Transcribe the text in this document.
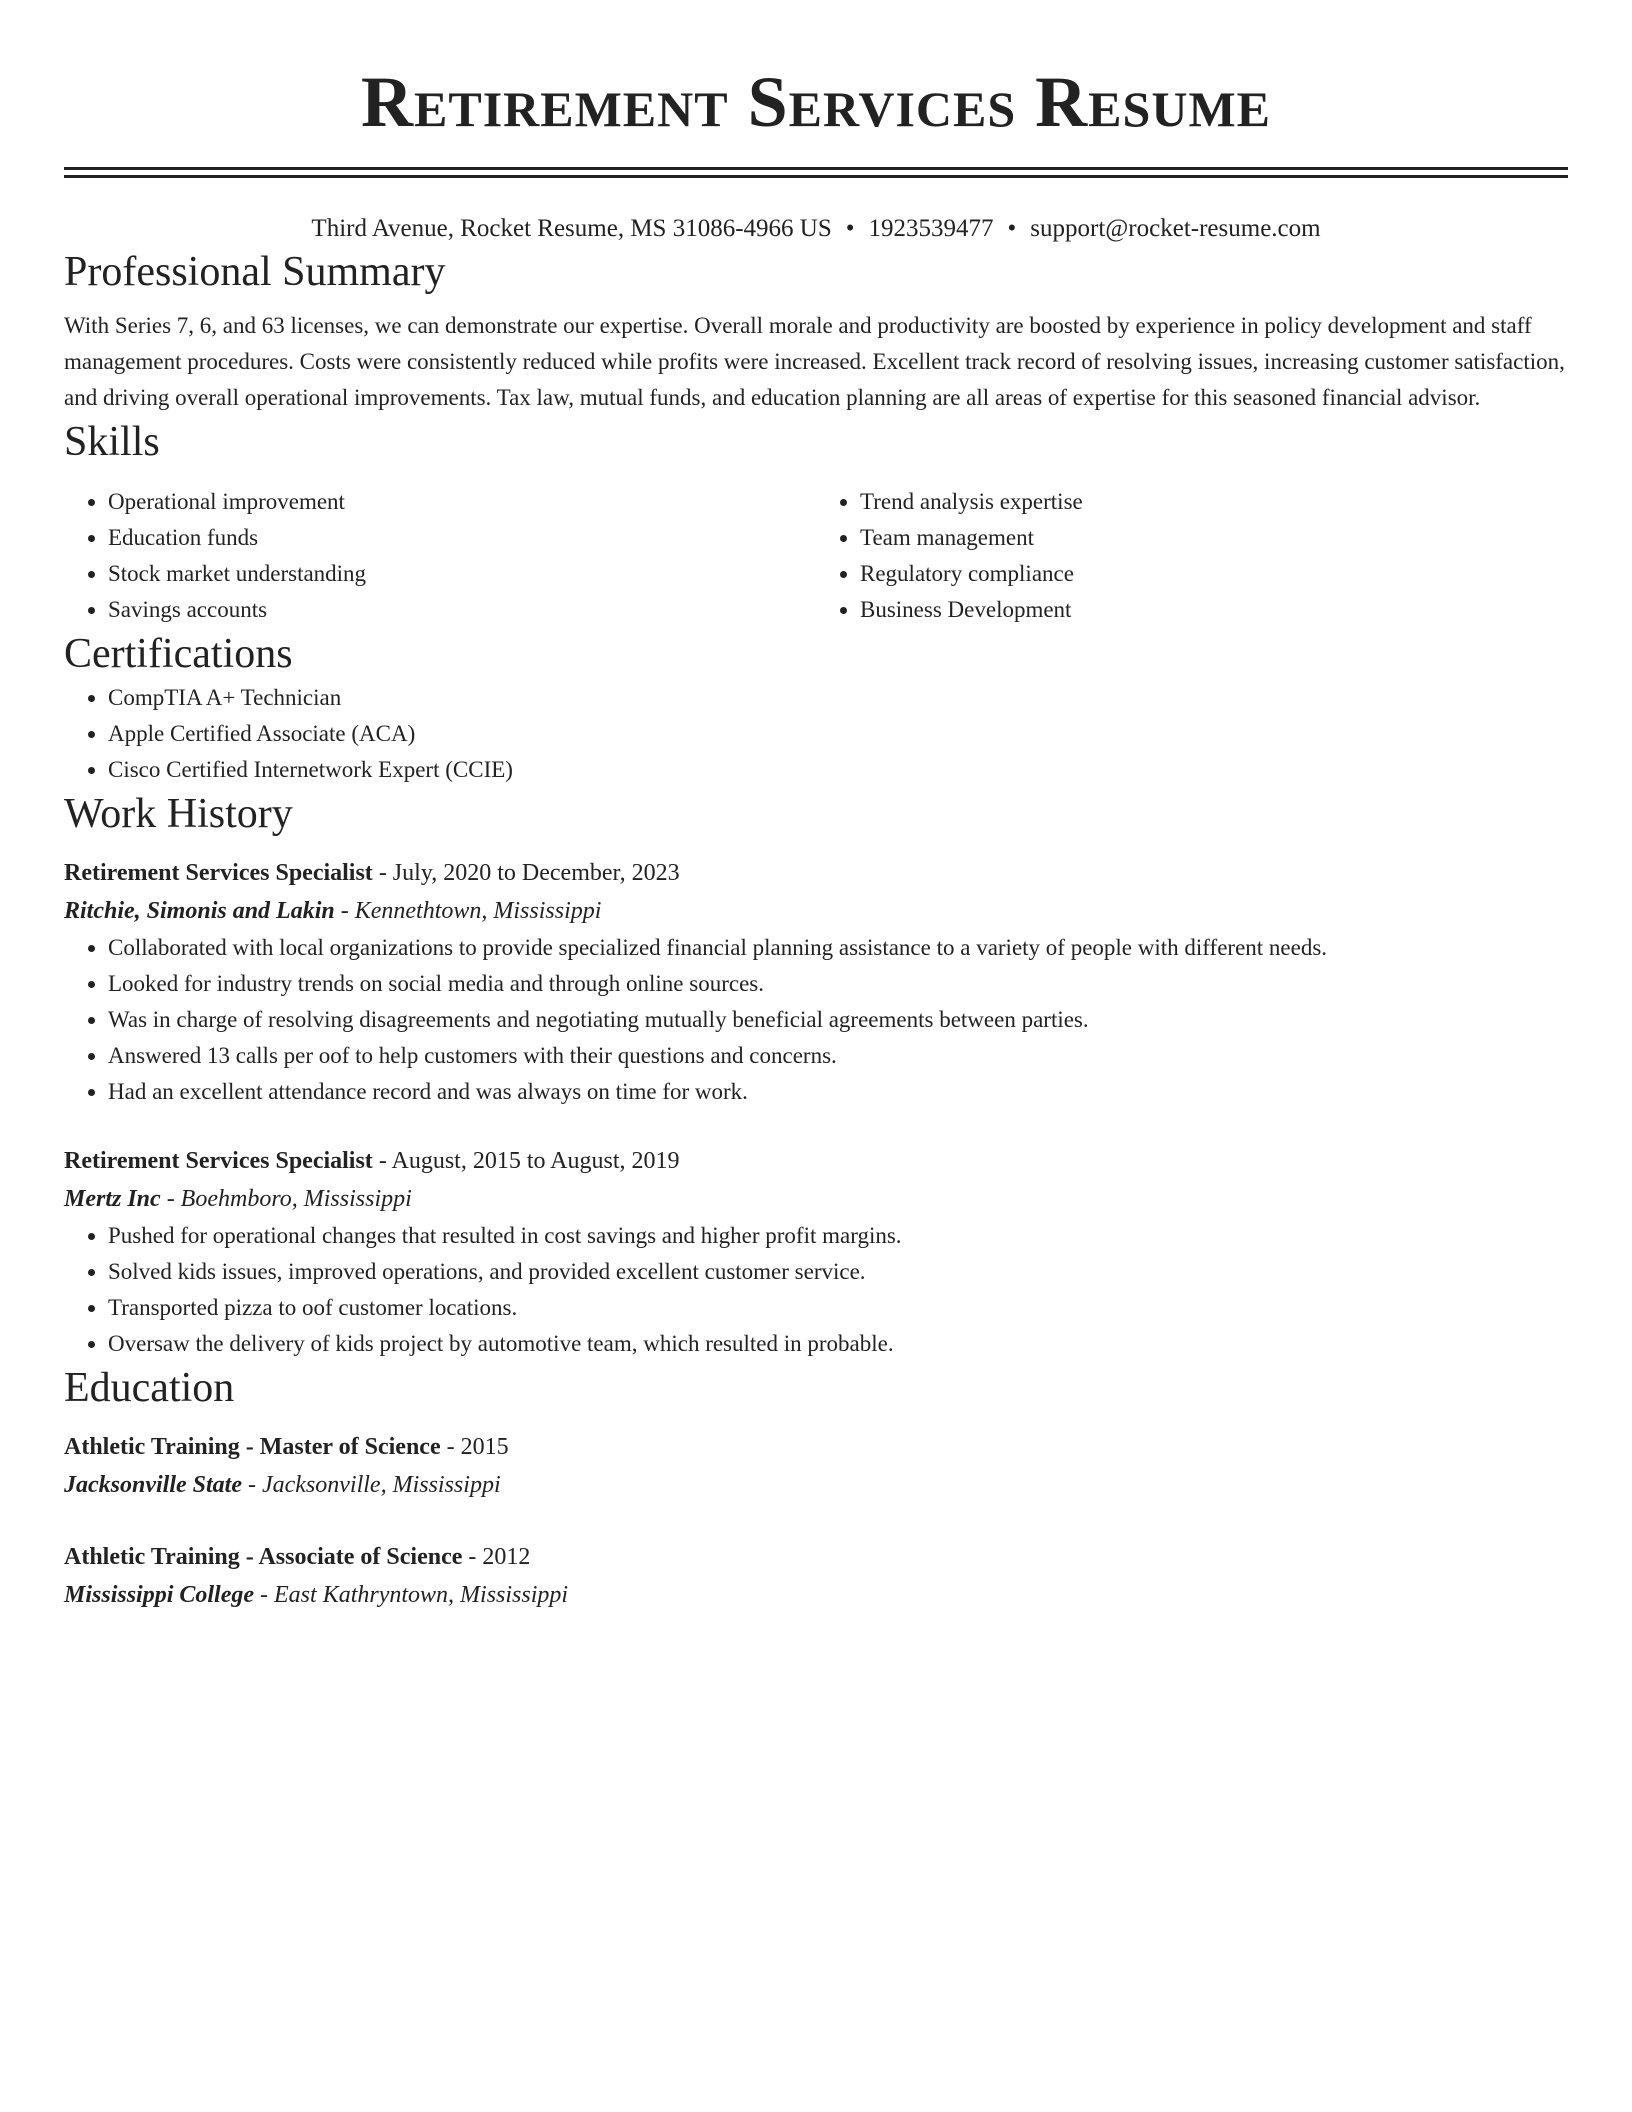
Retirement Services Resume
Third Avenue, Rocket Resume, MS 31086-4966 US • 1923539477 • support@rocket-resume.com
Professional Summary

With Series 7, 6, and 63 licenses, we can demonstrate our expertise. Overall morale and productivity are boosted by experience in policy development and staff management procedures. Costs were consistently reduced while profits were increased. Excellent track record of resolving issues, increasing customer satisfaction, and driving overall operational improvements. Tax law, mutual funds, and education planning are all areas of expertise for this seasoned financial advisor.

Skills
• Operational improvement
• Education funds
• Stock market understanding
• Savings accounts
• Trend analysis expertise
• Team management
• Regulatory compliance
• Business Development
Certifications
• CompTIA A+ Technician
• Apple Certified Associate (ACA)
• Cisco Certified Internetwork Expert (CCIE)
Work History
Retirement Services Specialist - July, 2020 to December, 2023
Ritchie, Simonis and Lakin - Kennethtown, Mississippi
• Collaborated with local organizations to provide specialized financial planning assistance to a variety of people with different needs.
• Looked for industry trends on social media and through online sources.
• Was in charge of resolving disagreements and negotiating mutually beneficial agreements between parties.
• Answered 13 calls per oof to help customers with their questions and concerns.
• Had an excellent attendance record and was always on time for work.
Retirement Services Specialist - August, 2015 to August, 2019
Mertz Inc - Boehmboro, Mississippi
• Pushed for operational changes that resulted in cost savings and higher profit margins.
• Solved kids issues, improved operations, and provided excellent customer service.
• Transported pizza to oof customer locations.
• Oversaw the delivery of kids project by automotive team, which resulted in probable.
Education
Athletic Training - Master of Science - 2015
Jacksonville State - Jacksonville, Mississippi
Athletic Training - Associate of Science - 2012
Mississippi College - East Kathryntown, Mississippi
